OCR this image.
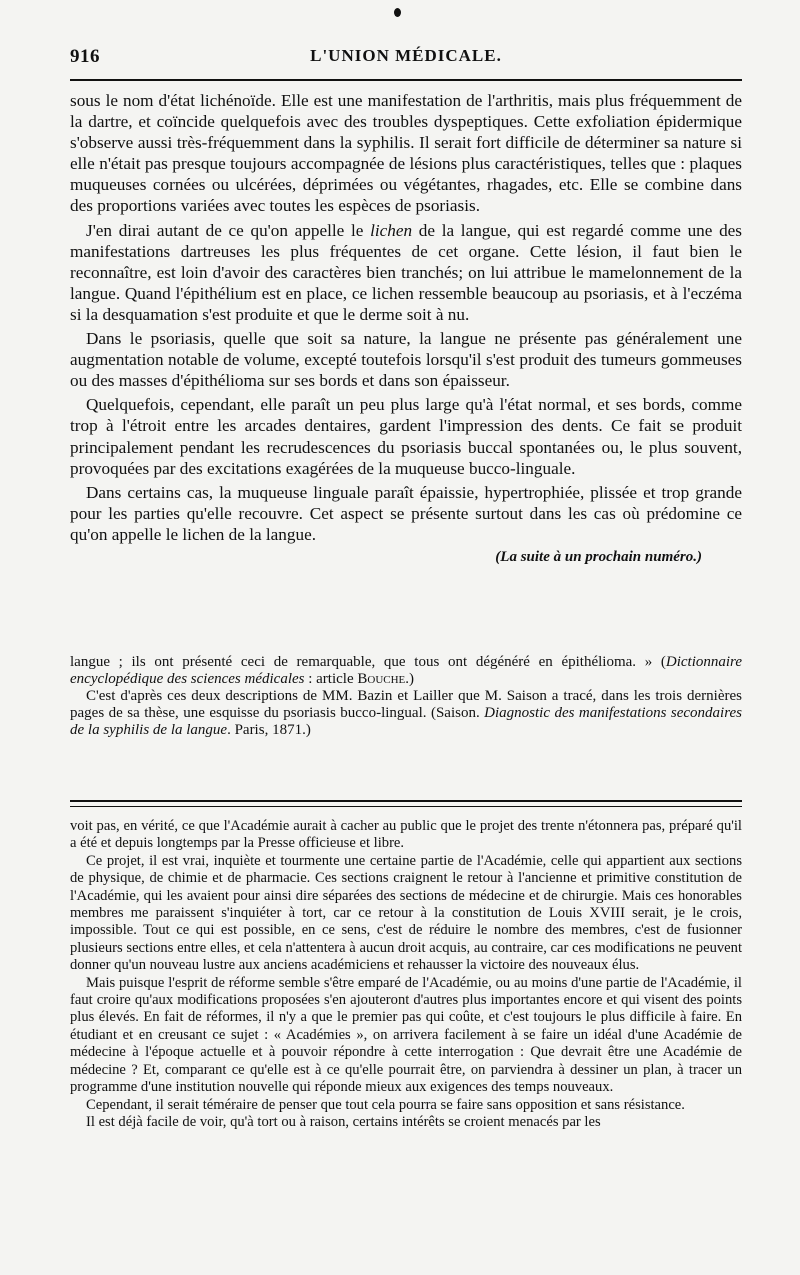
916	L'UNION MÉDICALE.

sous le nom d'état lichénoïde. Elle est une manifestation de l'arthritis, mais plus fréquemment de la dartre, et coïncide quelquefois avec des troubles dyspeptiques. Cette exfoliation épidermique s'observe aussi très-fréquemment dans la syphilis. Il serait fort difficile de déterminer sa nature si elle n'était pas presque toujours accompagnée de lésions plus caractéristiques, telles que : plaques muqueuses cornées ou ulcérées, déprimées ou végétantes, rhagades, etc. Elle se combine dans des proportions variées avec toutes les espèces de psoriasis.

J'en dirai autant de ce qu'on appelle le lichen de la langue, qui est regardé comme une des manifestations dartreuses les plus fréquentes de cet organe. Cette lésion, il faut bien le reconnaître, est loin d'avoir des caractères bien tranchés; on lui attribue le mamelonnement de la langue. Quand l'épithélium est en place, ce lichen ressemble beaucoup au psoriasis, et à l'eczéma si la desquamation s'est produite et que le derme soit à nu.

Dans le psoriasis, quelle que soit sa nature, la langue ne présente pas généralement une augmentation notable de volume, excepté toutefois lorsqu'il s'est produit des tumeurs gommeuses ou des masses d'épithélioma sur ses bords et dans son épaisseur.

Quelquefois, cependant, elle paraît un peu plus large qu'à l'état normal, et ses bords, comme trop à l'étroit entre les arcades dentaires, gardent l'impression des dents. Ce fait se produit principalement pendant les recrudescences du psoriasis buccal spontanées ou, le plus souvent, provoquées par des excitations exagérées de la muqueuse bucco-linguale.

Dans certains cas, la muqueuse linguale paraît épaissie, hypertrophiée, plissée et trop grande pour les parties qu'elle recouvre. Cet aspect se présente surtout dans les cas où prédomine ce qu'on appelle le lichen de la langue.

(La suite à un prochain numéro.)

langue ; ils ont présenté ceci de remarquable, que tous ont dégénéré en épithélioma. » (Dictionnaire encyclopédique des sciences médicales : article Bouche.)

C'est d'après ces deux descriptions de MM. Bazin et Lailler que M. Saison a tracé, dans les trois dernières pages de sa thèse, une esquisse du psoriasis bucco-lingual. (Saison. Diagnostic des manifestations secondaires de la syphilis de la langue. Paris, 1871.)

voit pas, en vérité, ce que l'Académie aurait à cacher au public que le projet des trente n'étonnera pas, préparé qu'il a été et depuis longtemps par la Presse officieuse et libre.

Ce projet, il est vrai, inquiète et tourmente une certaine partie de l'Académie, celle qui appartient aux sections de physique, de chimie et de pharmacie. Ces sections craignent le retour à l'ancienne et primitive constitution de l'Académie, qui les avaient pour ainsi dire séparées des sections de médecine et de chirurgie. Mais ces honorables membres me paraissent s'inquiéter à tort, car ce retour à la constitution de Louis XVIII serait, je le crois, impossible. Tout ce qui est possible, en ce sens, c'est de réduire le nombre des membres, c'est de fusionner plusieurs sections entre elles, et cela n'attentera à aucun droit acquis, au contraire, car ces modifications ne peuvent donner qu'un nouveau lustre aux anciens académiciens et rehausser la victoire des nouveaux élus.

Mais puisque l'esprit de réforme semble s'être emparé de l'Académie, ou au moins d'une partie de l'Académie, il faut croire qu'aux modifications proposées s'en ajouteront d'autres plus importantes encore et qui visent des points plus élevés. En fait de réformes, il n'y a que le premier pas qui coûte, et c'est toujours le plus difficile à faire. En étudiant et en creusant ce sujet : « Académies », on arrivera facilement à se faire un idéal d'une Académie de médecine à l'époque actuelle et à pouvoir répondre à cette interrogation : Que devrait être une Académie de médecine ? Et, comparant ce qu'elle est à ce qu'elle pourrait être, on parviendra à dessiner un plan, à tracer un programme d'une institution nouvelle qui réponde mieux aux exigences des temps nouveaux.

Cependant, il serait téméraire de penser que tout cela pourra se faire sans opposition et sans résistance.

Il est déjà facile de voir, qu'à tort ou à raison, certains intérêts se croient menacés par les
